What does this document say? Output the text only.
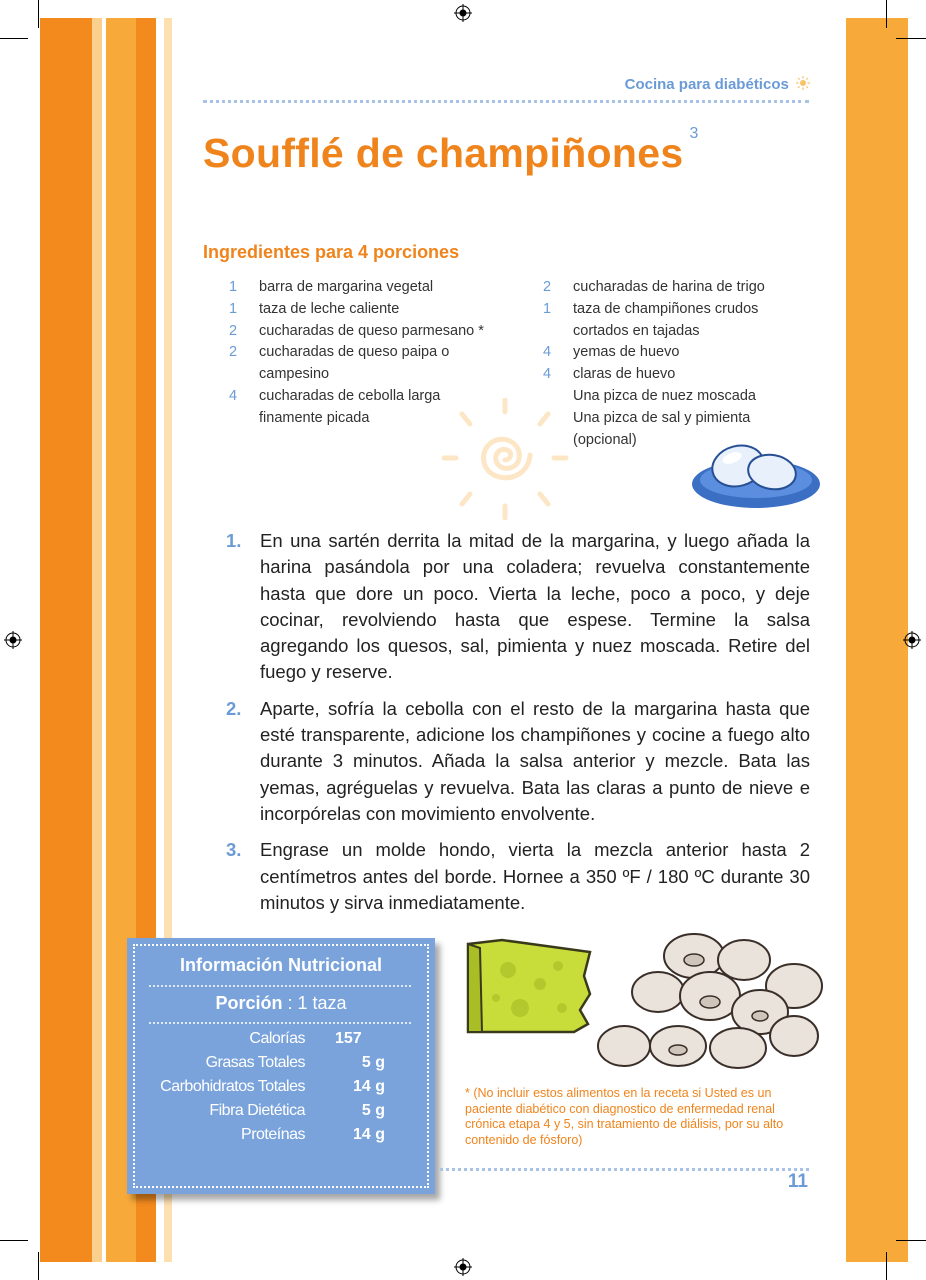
Cocina para diabéticos
Soufflé de champiñones $^3$
Ingredientes para 4 porciones
1	barra de margarina vegetal
1	taza de leche caliente
2	cucharadas de queso parmesano *
2	cucharadas de queso paipa o
campesino
4	cucharadas de cebolla larga
finamente picada
2	cucharadas de harina de trigo
1	taza de champiñones crudos
cortados en tajadas
4	yemas de huevo
4	claras de huevo
Una pizca de nuez moscada
Una pizca de sal y pimienta
(opcional)
1.	En una sartén derrita la mitad de la margarina, y luego añada la harina pasándola por una coladera; revuelva constantemente hasta que dore un poco. Vierta la leche, poco a poco, y deje cocinar, revolviendo hasta que espese. Termine la salsa agregando los quesos, sal, pimienta y nuez moscada. Retire del fuego y reserve.
2.	Aparte, sofría la cebolla con el resto de la margarina hasta que esté transparente, adicione los champiñones y cocine a fuego alto durante 3 minutos. Añada la salsa anterior y mezcle. Bata las yemas, agréguelas y revuelva. Bata las claras a punto de nieve e incorpórelas con movimiento envolvente.
3.	Engrase un molde hondo, vierta la mezcla anterior hasta 2 centímetros antes del borde. Hornee a 350 ºF / 180 ºC durante 30 minutos y sirva inmediatamente.
Información Nutricional
Porción : 1 taza
Calorías 157
Grasas Totales	5 g
Carbohidratos Totales	14 g
Fibra Dietética	5 g
Proteínas	14 g
* (No incluir estos alimentos en la receta si Usted es un paciente diabético con diagnostico de enfermedad renal crónica etapa 4 y 5, sin tratamiento de diálisis, por su alto contenido de fósforo)
11
